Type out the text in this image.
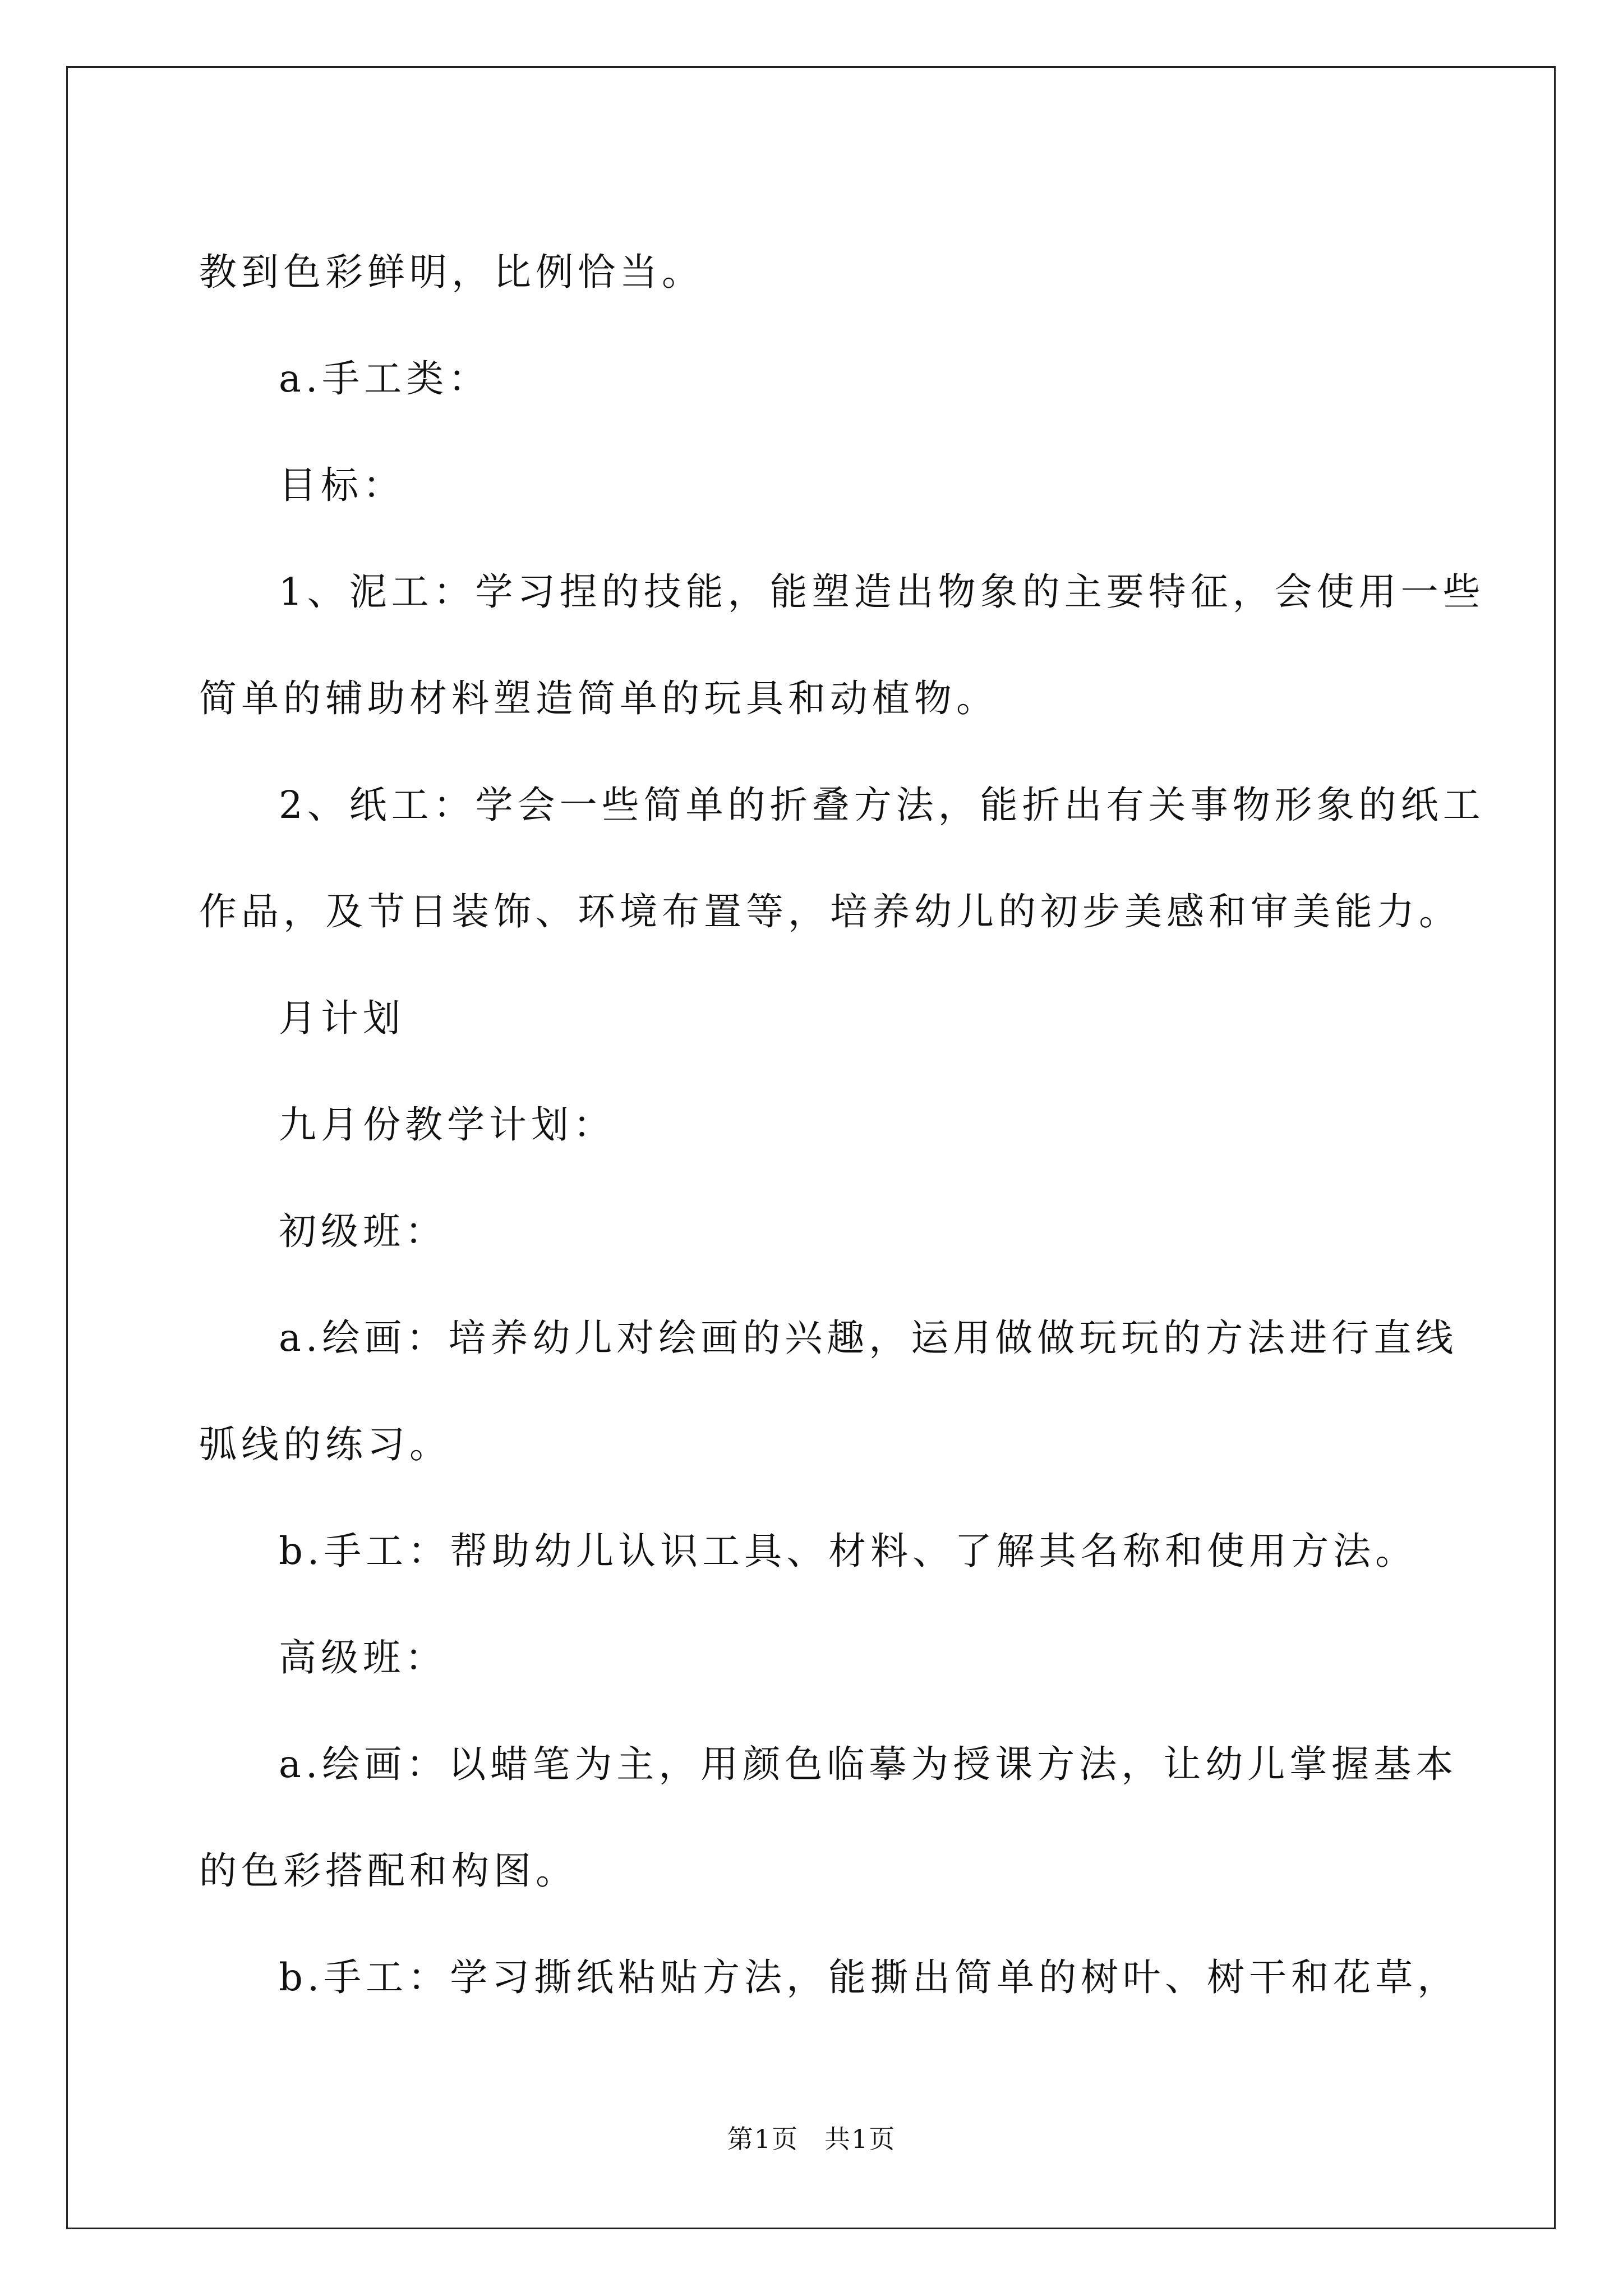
教到色彩鲜明，比例恰当。

a.手工类：

目标：

1、泥工：学习捏的技能，能塑造出物象的主要特征，会使用一些

简单的辅助材料塑造简单的玩具和动植物。

2、纸工：学会一些简单的折叠方法，能折出有关事物形象的纸工

作品，及节日装饰、环境布置等，培养幼儿的初步美感和审美能力。

月计划

九月份教学计划：

初级班：

a.绘画：培养幼儿对绘画的兴趣，运用做做玩玩的方法进行直线

弧线的练习。

b.手工：帮助幼儿认识工具、材料、了解其名称和使用方法。

高级班：

a.绘画：以蜡笔为主，用颜色临摹为授课方法，让幼儿掌握基本

的色彩搭配和构图。

b.手工：学习撕纸粘贴方法，能撕出简单的树叶、树干和花草，

第1页 共1页
